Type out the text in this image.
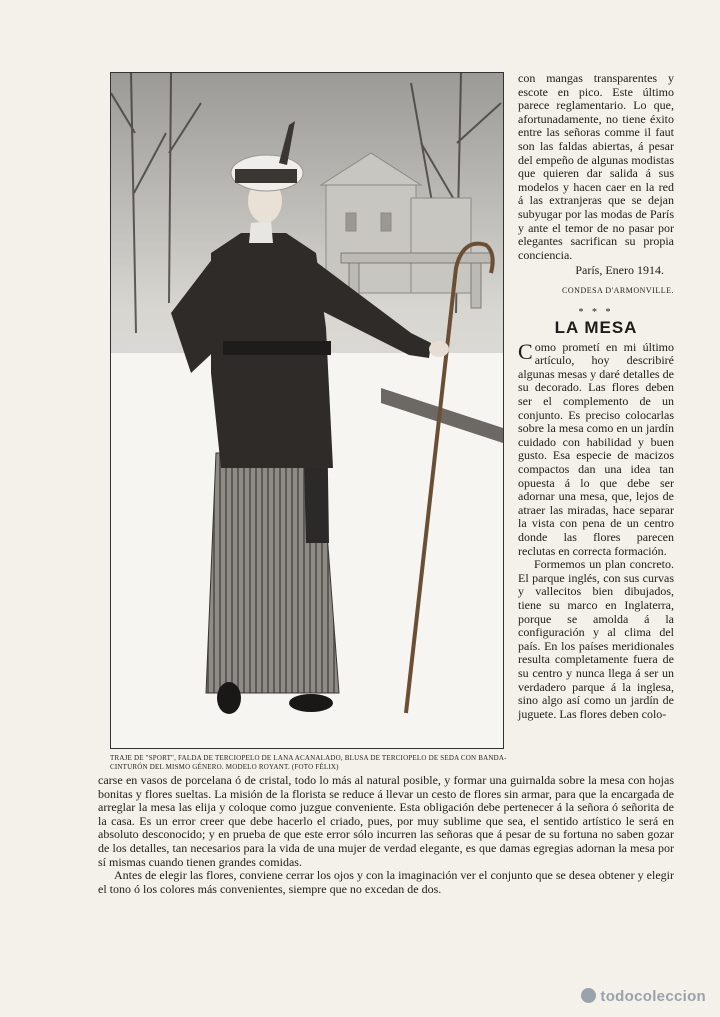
TRAJE DE "SPORT", FALDA DE TERCIOPELO DE LANA ACANALADO, BLUSA DE TERCIOPELO DE SEDA CON BANDA-CINTURÓN DEL MISMO GÉNERO. MODELO ROYANT. (FOTO FÉLIX)

con mangas transparentes y escote en pico. Este último parece reglamentario. Lo que, afortunadamente, no tiene éxito entre las señoras comme il faut son las faldas abiertas, á pesar del empeño de algunas modistas que quieren dar salida á sus modelos y hacen caer en la red á las extranjeras que se dejan subyugar por las modas de París y ante el temor de no pasar por elegantes sacrifican su propia conciencia.

París, Enero 1914.

CONDESA D'ARMONVILLE.

* * *

LA MESA

Como prometí en mi último artículo, hoy describiré algunas mesas y daré detalles de su decorado. Las flores deben ser el complemento de un conjunto. Es preciso colocarlas sobre la mesa como en un jardín cuidado con habilidad y buen gusto. Esa especie de macizos compactos dan una idea tan opuesta á lo que debe ser adornar una mesa, que, lejos de atraer las miradas, hace separar la vista con pena de un centro donde las flores parecen reclutas en correcta formación.

Formemos un plan concreto. El parque inglés, con sus curvas y vallecitos bien dibujados, tiene su marco en Inglaterra, porque se amolda á la configuración y al clima del país. En los países meridionales resulta completamente fuera de su centro y nunca llega á ser un verdadero parque á la inglesa, sino algo así como un jardín de juguete. Las flores deben colo-

carse en vasos de porcelana ó de cristal, todo lo más al natural posible, y formar una guirnalda sobre la mesa con hojas bonitas y flores sueltas. La misión de la florista se reduce á llevar un cesto de flores sin armar, para que la encargada de arreglar la mesa las elija y coloque como juzgue conveniente. Esta obligación debe pertenecer á la señora ó señorita de la casa. Es un error creer que debe hacerlo el criado, pues, por muy sublime que sea, el sentido artístico le será en absoluto desconocido; y en prueba de que este error sólo incurren las señoras que á pesar de su fortuna no saben gozar de los detalles, tan necesarios para la vida de una mujer de verdad elegante, es que damas egregias adornan la mesa por sí mismas cuando tienen grandes comidas.

Antes de elegir las flores, conviene cerrar los ojos y con la imaginación ver el conjunto que se desea obtener y elegir el tono ó los colores más convenientes, siempre que no excedan de dos.

todocoleccion
